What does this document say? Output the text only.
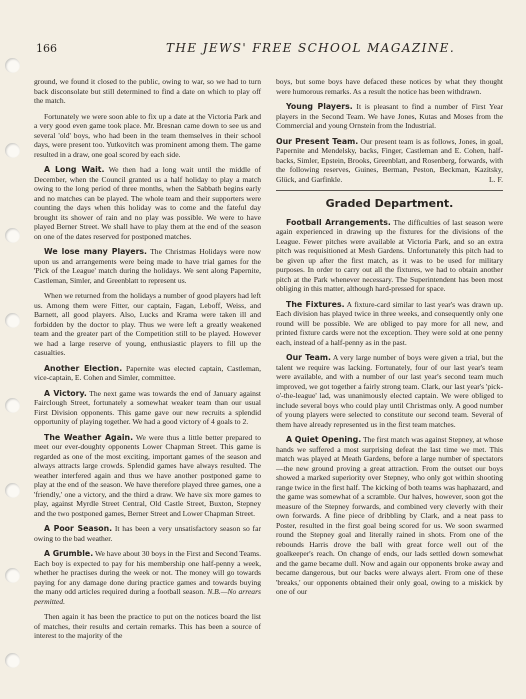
166	THE JEWS' FREE SCHOOL MAGAZINE.

ground, we found it closed to the public, owing to war, so we had to turn back disconsolate but still determined to find a date on which to play off the match.

Fortunately we were soon able to fix up a date at the Victoria Park and a very good even game took place. Mr. Bresnan came down to see us and several 'old' boys, who had been in the team themselves in their school days, were present too. Yutkovitch was prominent among them. The game resulted in a draw, one goal scored by each side.

A Long Wait. We then had a long wait until the middle of December, when the Council granted us a half holiday to play a match owing to the long period of three months, when the Sabbath begins early and no matches can be played. The whole team and their supporters were counting the days when this holiday was to come and the fateful day brought its shower of rain and no play was possible. We were to have played Berner Street. We shall have to play them at the end of the season on one of the dates reserved for postponed matches.

We lose many Players. The Christmas Holidays were now upon us and arrangements were being made to have trial games for the 'Pick of the League' match during the holidays. We sent along Papernite, Castleman, Simler, and Greenblatt to represent us.

When we returned from the holidays a number of good players had left us. Among them were Fitter, our captain, Fagan, Leboff, Weiss, and Barnett, all good players. Also, Lucks and Krama were taken ill and forbidden by the doctor to play. Thus we were left a greatly weakened team and the greater part of the Competition still to be played. However we had a large reserve of young, enthusiastic players to fill up the casualties.

Another Election. Papernite was elected captain, Castleman, vice-captain, E. Cohen and Simler, committee.

A Victory. The next game was towards the end of January against Fairclough Street, fortunately a somewhat weaker team than our usual First Division opponents. This game gave our new recruits a splendid opportunity of playing together. We had a good victory of 4 goals to 2.

The Weather Again. We were thus a little better prepared to meet our ever-doughty opponents Lower Chapman Street. This game is regarded as one of the most exciting, important games of the season and always attracts large crowds. Splendid games have always resulted. The weather interfered again and thus we have another postponed game to play at the end of the season. We have therefore played three games, one a 'friendly,' one a victory, and the third a draw. We have six more games to play, against Myrdle Street Central, Old Castle Street, Buxton, Stepney and the two postponed games, Berner Street and Lower Chapman Street.

A Poor Season. It has been a very unsatisfactory season so far owing to the bad weather.

A Grumble. We have about 30 boys in the First and Second Teams. Each boy is expected to pay for his membership one half-penny a week, whether he practises during the week or not. The money will go towards paying for any damage done during practice games and towards buying the many odd articles required during a football season. N.B.—No arrears permitted.

Then again it has been the practice to put on the notices board the list of matches, their results and certain remarks. This has been a source of interest to the majority of the

boys, but some boys have defaced these notices by what they thought were humorous remarks. As a result the notice has been withdrawn.

Young Players. It is pleasant to find a number of First Year players in the Second Team. We have Jones, Kutas and Moses from the Commercial and young Ornstein from the Industrial.

Our Present Team. Our present team is as follows, Jones, in goal, Papernite and Mendelsky, backs, Finger, Castleman and E. Cohen, half-backs, Simler, Epstein, Brooks, Greenblatt, and Rosenberg, forwards, with the following reserves, Guines, Berman, Peston, Beckman, Kazitsky, Glück, and Garfinkle.	L. F.

Graded Department.

Football Arrangements. The difficulties of last season were again experienced in drawing up the fixtures for the divisions of the League. Fewer pitches were available at Victoria Park, and so an extra pitch was requisitioned at Mesh Gardens. Unfortunately this pitch had to be given up after the first match, as it was to be used for military purposes. In order to carry out all the fixtures, we had to obtain another pitch at the Park whenever necessary. The Superintendent has been most obliging in this matter, although hard-pressed for space.

The Fixtures. A fixture-card similar to last year's was drawn up. Each division has played twice in three weeks, and consequently only one round will be possible. We are obliged to pay more for all new, and printed fixture cards were not the exception. They were sold at one penny each, instead of a half-penny as in the past.

Our Team. A very large number of boys were given a trial, but the talent we require was lacking. Fortunately, four of our last year's team were available, and with a number of our last year's second team much improved, we got together a fairly strong team. Clark, our last year's 'pick-o'-the-league' lad, was unanimously elected captain. We were obliged to include several boys who could play until Christmas only. A good number of young players were selected to constitute our second team. Several of them have already represented us in the first team matches.

A Quiet Opening. The first match was against Stepney, at whose hands we suffered a most surprising defeat the last time we met. This match was played at Meath Gardens, before a large number of spectators—the new ground proving a great attraction. From the outset our boys showed a marked superiority over Stepney, who only got within shooting range twice in the first half. The kicking of both teams was haphazard, and the game was somewhat of a scramble. Our halves, however, soon got the measure of the Stepney forwards, and combined very cleverly with their own forwards. A fine piece of dribbling by Clark, and a neat pass to Poster, resulted in the first goal being scored for us. We soon swarmed round the Stepney goal and literally rained in shots. From one of the rebounds Harris drove the ball with great force well out of the goalkeeper's reach. On change of ends, our lads settled down somewhat and the game became dull. Now and again our opponents broke away and became dangerous, but our backs were always alert. From one of these 'breaks,' our opponents obtained their only goal, owing to a miskick by one of our
